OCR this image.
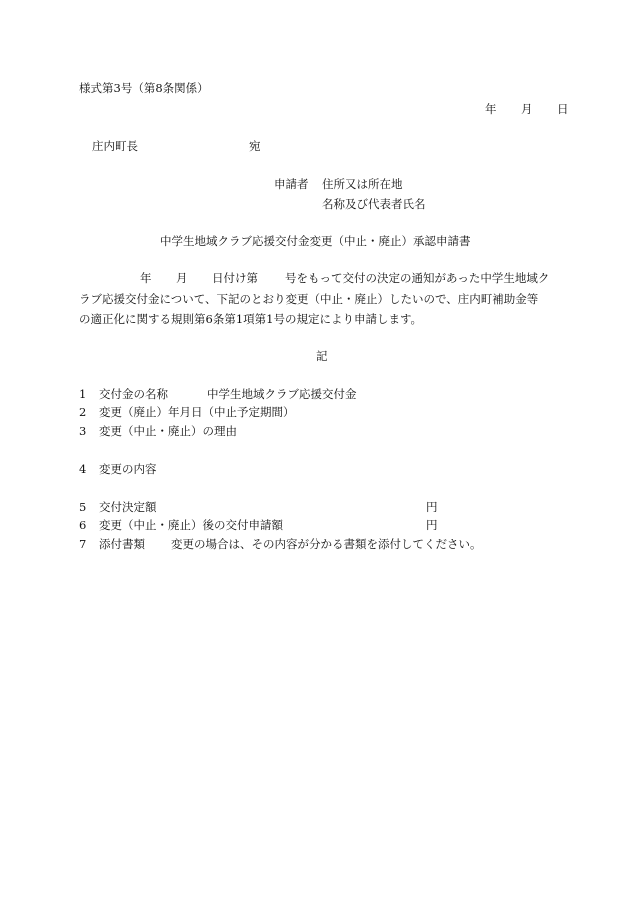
様式第3号（第8条関係）
年 月 日
庄内町長	宛
申請者 住所又は所在地
名称及び代表者氏名
中学生地域クラブ応援交付金変更（中止・廃止）承認申請書
年 月 日付け第 号をもって交付の決定の通知があった中学生地域ク
ラブ応援交付金について、下記のとおり変更（中止・廃止）したいので、庄内町補助金等
の適正化に関する規則第6条第1項第1号の規定により申請します。
記
1 交付金の名称	中学生地域クラブ応援交付金
2 変更（廃止）年月日（中止予定期間）
3 変更（中止・廃止）の理由
4 変更の内容
5 交付決定額	円
6 変更（中止・廃止）後の交付申請額	円
7 添付書類 変更の場合は、その内容が分かる書類を添付してください。
